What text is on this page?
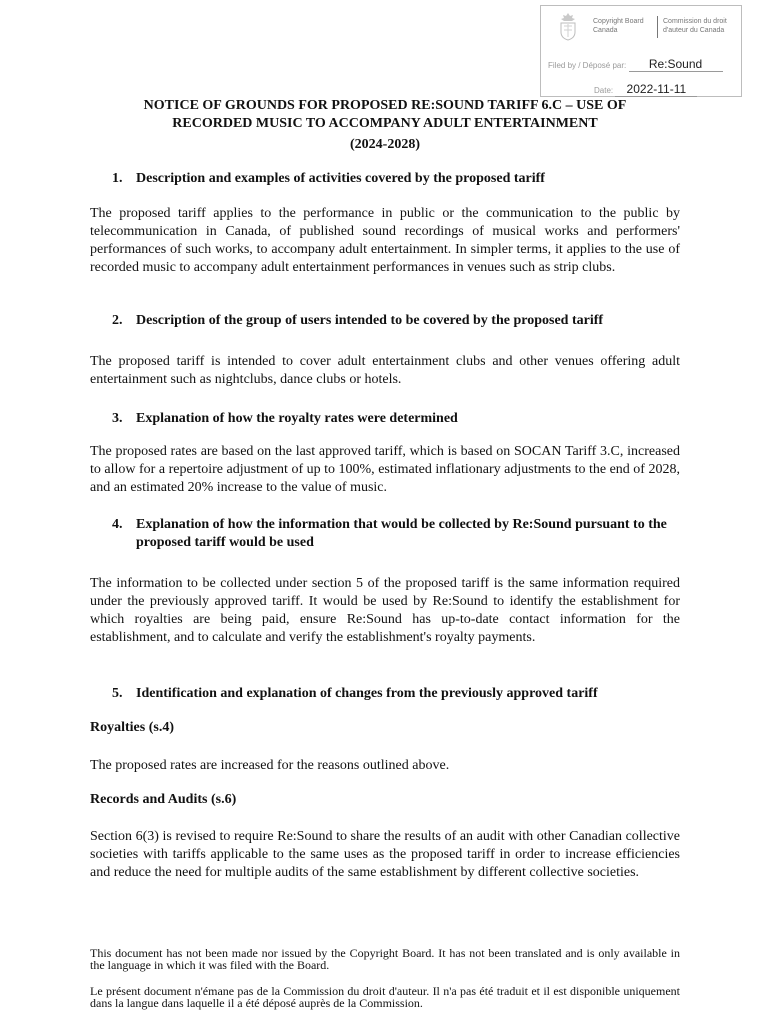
Copyright Board Canada
Commission du droit d'auteur du Canada
Filed by / Déposé par: Re:Sound
Date: 2022-11-11
NOTICE OF GROUNDS FOR PROPOSED RE:SOUND TARIFF 6.C – USE OF
RECORDED MUSIC TO ACCOMPANY ADULT ENTERTAINMENT
(2024-2028)
1. Description and examples of activities covered by the proposed tariff

The proposed tariff applies to the performance in public or the communication to the public by telecommunication in Canada, of published sound recordings of musical works and performers' performances of such works, to accompany adult entertainment. In simpler terms, it applies to the use of recorded music to accompany adult entertainment performances in venues such as strip clubs.

2. Description of the group of users intended to be covered by the proposed tariff

The proposed tariff is intended to cover adult entertainment clubs and other venues offering adult entertainment such as nightclubs, dance clubs or hotels.

3. Explanation of how the royalty rates were determined

The proposed rates are based on the last approved tariff, which is based on SOCAN Tariff 3.C, increased to allow for a repertoire adjustment of up to 100%, estimated inflationary adjustments to the end of 2028, and an estimated 20% increase to the value of music.

4. Explanation of how the information that would be collected by Re:Sound pursuant to the proposed tariff would be used

The information to be collected under section 5 of the proposed tariff is the same information required under the previously approved tariff. It would be used by Re:Sound to identify the establishment for which royalties are being paid, ensure Re:Sound has up-to-date contact information for the establishment, and to calculate and verify the establishment's royalty payments.

5. Identification and explanation of changes from the previously approved tariff
Royalties (s.4)

The proposed rates are increased for the reasons outlined above.

Records and Audits (s.6)

Section 6(3) is revised to require Re:Sound to share the results of an audit with other Canadian collective societies with tariffs applicable to the same uses as the proposed tariff in order to increase efficiencies and reduce the need for multiple audits of the same establishment by different collective societies.

This document has not been made nor issued by the Copyright Board. It has not been translated and is only available in the language in which it was filed with the Board.

Le présent document n'émane pas de la Commission du droit d'auteur. Il n'a pas été traduit et il est disponible uniquement dans la langue dans laquelle il a été déposé auprès de la Commission.
